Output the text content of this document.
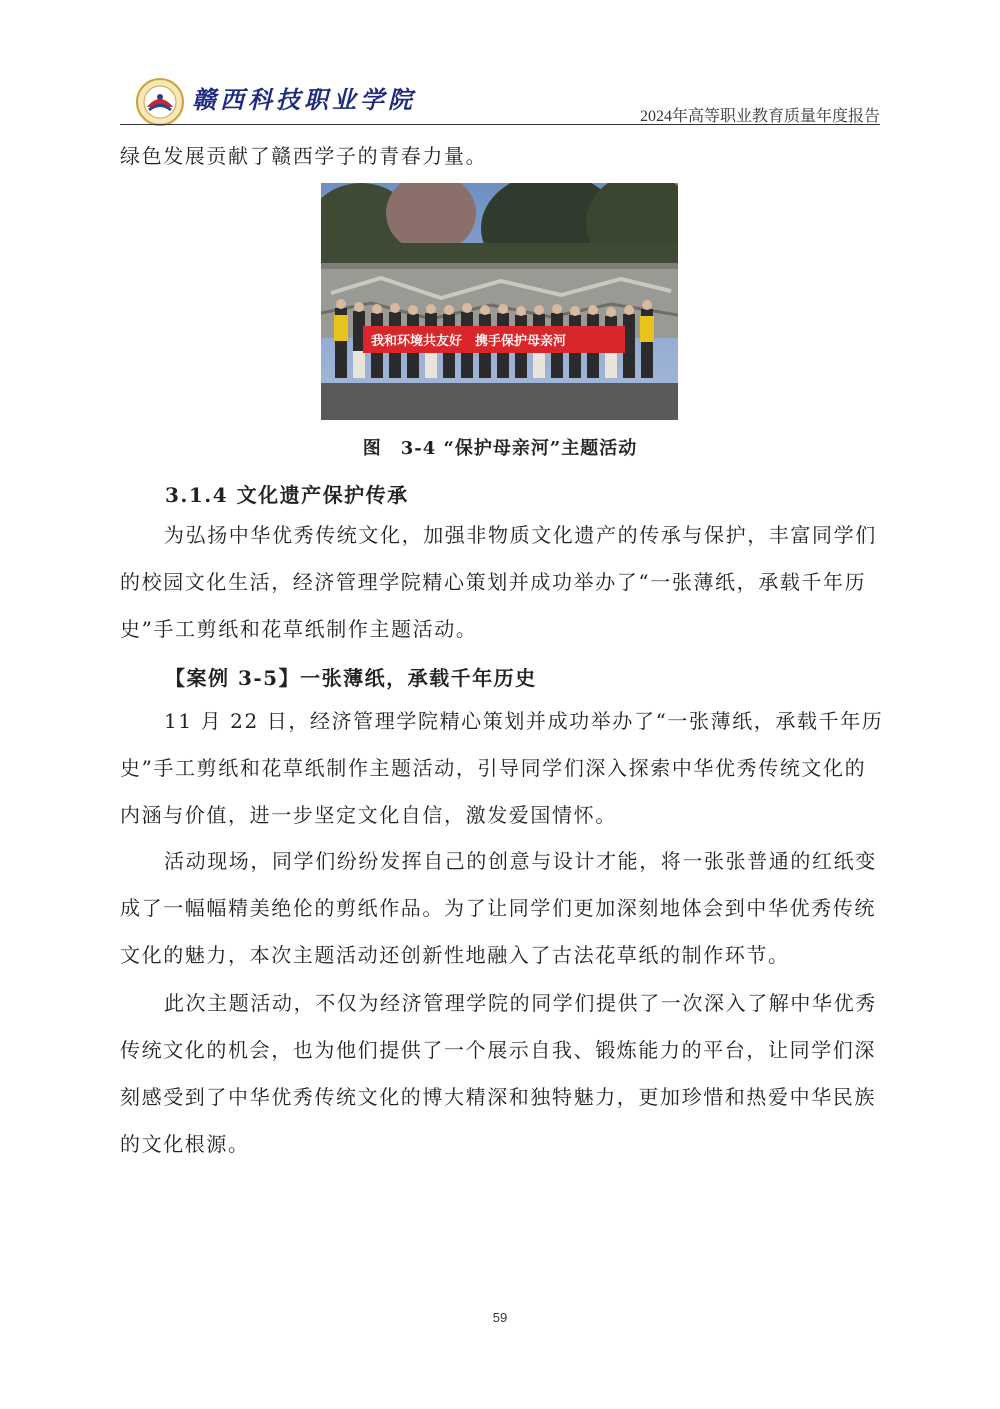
赣西科技职业学院
2024年高等职业教育质量年度报告

绿色发展贡献了赣西学子的青春力量。

我和环境共友好　携手保护母亲河
图　3-4 “保护母亲河”主题活动
3.1.4 文化遗产保护传承

为弘扬中华优秀传统文化，加强非物质文化遗产的传承与保护，丰富同学们
的校园文化生活，经济管理学院精心策划并成功举办了“一张薄纸，承载千年历
史”手工剪纸和花草纸制作主题活动。

【案例 3-5】一张薄纸，承载千年历史

11 月 22 日，经济管理学院精心策划并成功举办了“一张薄纸，承载千年历
史”手工剪纸和花草纸制作主题活动，引导同学们深入探索中华优秀传统文化的
内涵与价值，进一步坚定文化自信，激发爱国情怀。

活动现场，同学们纷纷发挥自己的创意与设计才能，将一张张普通的红纸变
成了一幅幅精美绝伦的剪纸作品。为了让同学们更加深刻地体会到中华优秀传统
文化的魅力，本次主题活动还创新性地融入了古法花草纸的制作环节。

此次主题活动，不仅为经济管理学院的同学们提供了一次深入了解中华优秀
传统文化的机会，也为他们提供了一个展示自我、锻炼能力的平台，让同学们深
刻感受到了中华优秀传统文化的博大精深和独特魅力，更加珍惜和热爱中华民族
的文化根源。

59
